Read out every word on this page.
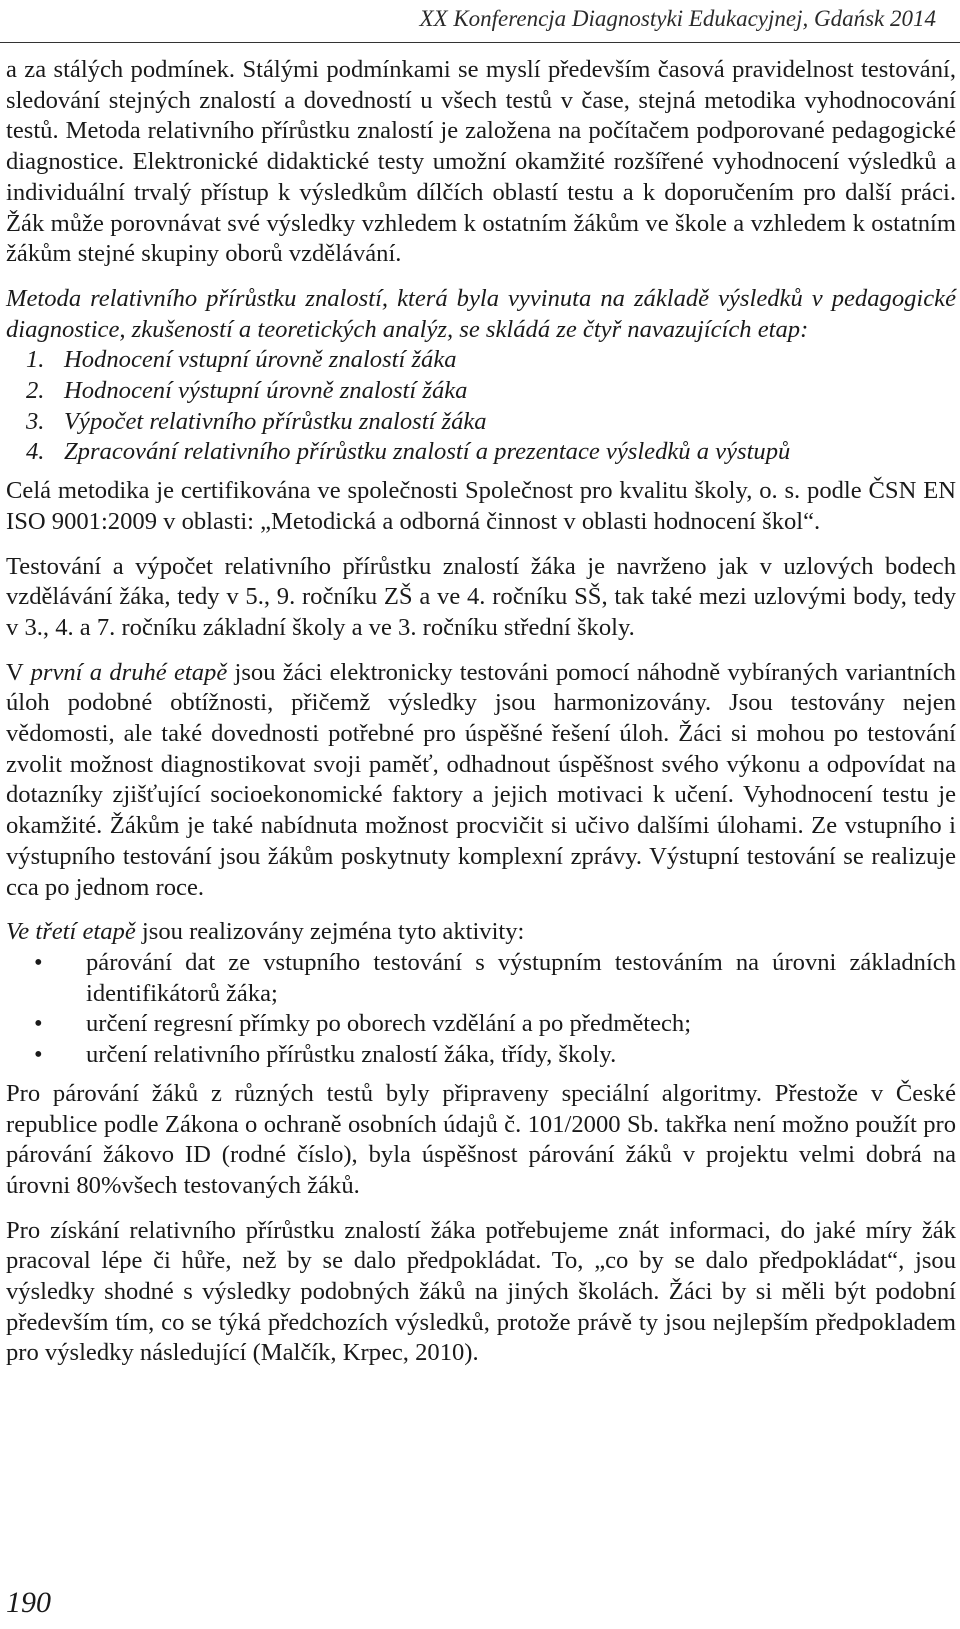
XX Konferencja Diagnostyki Edukacyjnej, Gdańsk 2014

a za stálých podmínek. Stálými podmínkami se myslí především časová pravidelnost testování, sledování stejných znalostí a dovedností u všech testů v čase, stejná metodika vyhodnocování testů. Metoda relativního přírůstku znalostí je založena na počítačem podporované pedagogické diagnostice. Elektronické didaktické testy umožní okamžité rozšířené vyhodnocení výsledků a individuální trvalý přístup k výsledkům dílčích oblastí testu a k doporučením pro další práci. Žák může porovnávat své výsledky vzhledem k ostatním žákům ve škole a vzhledem k ostatním žákům stejné skupiny oborů vzdělávání.

Metoda relativního přírůstku znalostí, která byla vyvinuta na základě výsledků v pedagogické diagnostice, zkušeností a teoretických analýz, se skládá ze čtyř navazujících etap:

1. Hodnocení vstupní úrovně znalostí žáka
2. Hodnocení výstupní úrovně znalostí žáka
3. Výpočet relativního přírůstku znalostí žáka
4. Zpracování relativního přírůstku znalostí a prezentace výsledků a výstupů

Celá metodika je certifikována ve společnosti Společnost pro kvalitu školy, o. s. podle ČSN EN ISO 9001:2009 v oblasti: „Metodická a odborná činnost v oblasti hodnocení škol“.

Testování a výpočet relativního přírůstku znalostí žáka je navrženo jak v uzlových bodech vzdělávání žáka, tedy v 5., 9. ročníku ZŠ a ve 4. ročníku SŠ, tak také mezi uzlovými body, tedy v 3., 4. a 7. ročníku základní školy a ve 3. ročníku střední školy.

V první a druhé etapě jsou žáci elektronicky testováni pomocí náhodně vybíraných variantních úloh podobné obtížnosti, přičemž výsledky jsou harmonizovány. Jsou testovány nejen vědomosti, ale také dovednosti potřebné pro úspěšné řešení úloh. Žáci si mohou po testování zvolit možnost diagnostikovat svoji paměť, odhadnout úspěšnost svého výkonu a odpovídat na dotazníky zjišťující socioekonomické faktory a jejich motivaci k učení. Vyhodnocení testu je okamžité. Žákům je také nabídnuta možnost procvičit si učivo dalšími úlohami. Ze vstupního i výstupního testování jsou žákům poskytnuty komplexní zprávy. Výstupní testování se realizuje cca po jednom roce.

Ve třetí etapě jsou realizovány zejména tyto aktivity:

•	párování dat ze vstupního testování s výstupním testováním na úrovni základních identifikátorů žáka;
•	určení regresní přímky po oborech vzdělání a po předmětech;
•	určení relativního přírůstku znalostí žáka, třídy, školy.

Pro párování žáků z různých testů byly připraveny speciální algoritmy. Přestože v České republice podle Zákona o ochraně osobních údajů č. 101/2000 Sb. takřka není možno použít pro párování žákovo ID (rodné číslo), byla úspěšnost párování žáků v projektu velmi dobrá na úrovni 80%všech testovaných žáků.

Pro získání relativního přírůstku znalostí žáka potřebujeme znát informaci, do jaké míry žák pracoval lépe či hůře, než by se dalo předpokládat. To, „co by se dalo předpokládat“, jsou výsledky shodné s výsledky podobných žáků na jiných školách. Žáci by si měli být podobní především tím, co se týká předchozích výsledků, protože právě ty jsou nejlepším předpokladem pro výsledky následující (Malčík, Krpec, 2010).

190
